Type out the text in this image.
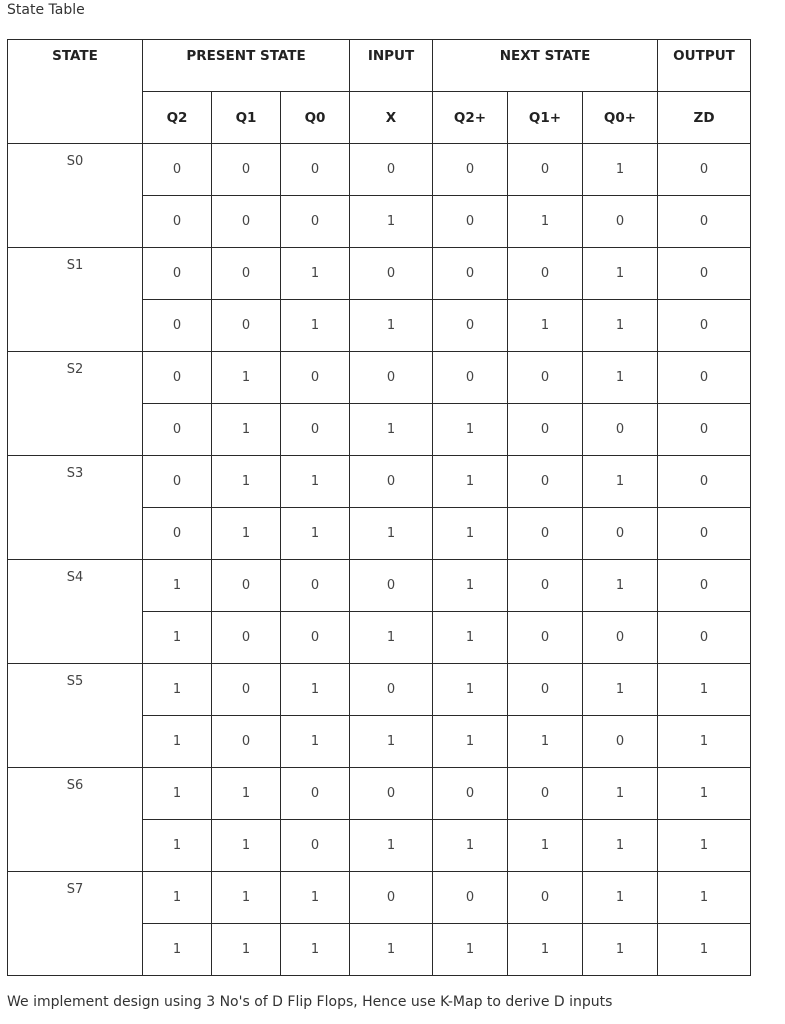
State Table
STATE	PRESENT STATE			INPUT	NEXT STATE			OUTPUT
	Q2	Q1	Q0	X	Q2+	Q1+	Q0+	ZD
S0	0	0	0	0	0	0	1	0
	0	0	0	1	0	1	0	0
S1	0	0	1	0	0	0	1	0
	0	0	1	1	0	1	1	0
S2	0	1	0	0	0	0	1	0
	0	1	0	1	1	0	0	0
S3	0	1	1	0	1	0	1	0
	0	1	1	1	1	0	0	0
S4	1	0	0	0	1	0	1	0
	1	0	0	1	1	0	0	0
S5	1	0	1	0	1	0	1	1
	1	0	1	1	1	1	0	1
S6	1	1	0	0	0	0	1	1
	1	1	0	1	1	1	1	1
S7	1	1	1	0	0	0	1	1
	1	1	1	1	1	1	1	1
We implement design using 3 No's of D Flip Flops, Hence use K-Map to derive D inputs
